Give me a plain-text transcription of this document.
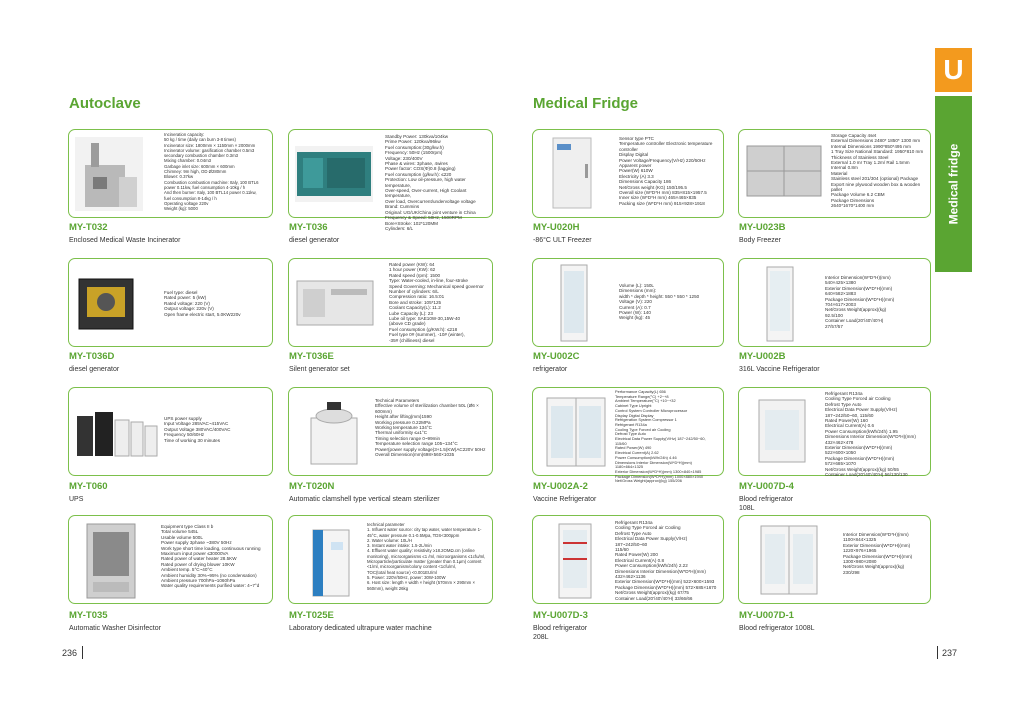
Autoclave	Medical Fridge
U
Medical fridge
Incineration capacity:
50 kg / time (daily can burn 3-8 times)
Incinerator size: 1800mm × 1150mm × 2000mm
Incinerator volume: gasification chamber 0.5m3
secondary combustion chamber 0.3m3
Mixing chamber: 0.04m3
Garbage inlet size: 600mm × 600mm
Chimney: 9m high, OD Ø280mm
Blower: 0.37kw
Combustion combustion machine: Italy, 100 BTL6
power 0.11kw, fuel consumption 4-10kg / h
And then burner: Italy, 100 BTL14 power 0.11kw,
fuel consumption 8-14kg / h
Operating voltage 220v
Weight (kg): 5000
MY-T032
Enclosed Medical Waste Incinerator
Standby Power: 130kva/104kw
Prime Power: 120kva/96kw
Fuel consumption:(30g/kw.h)
Frequency: 50Hz (1500rpm)
Voltage: 230/400V
Phase & wires: 3phase, 4wires
Power factor: COS(Φ)0.8 (lagging)
Fuel consumption (g/kw.h): ≤220
Protection: Low oil-pressure, high water temperature,
Over-speed, Over-current, High Coolant temperature,
Over load, Overcurrent/undervoltage voltage
Brand: Cummins
Original: UG/UK/China joint venture in China
Frequency & Speed: 50Hz, 1500RPM
Bore×Stroke: 102*120MM
Cylinders: 6/L
MY-T036
diesel generator
Sensor type PTC
Temperature controller Electronic temperature
controller
Display Digital
Power Voltage/Frequency(V/Hz) 220/50Hz
Apparent power
Power(W) 610W
Electricity (A) 3.3
Dimensions Capacity 186
Net/Gross weight (KG) 150/195.5
Overall size (W*D*H mm) 835×815×1957.5
Inner size (W*D*H mm) 465×465×835
Packing size (W*D*H mm) 915×928×1918
MY-U020H
-86°C ULT Freezer
Storage Capacity 4set
External Dimensions 2480* 1850* 1300 mm
Internal Dimensions 1990*850*495 mm
1 Tray Size National Standard: 1950*810 mm
Thickness of Stainless Steel
External 1.0 mr Tray 1.2m/ Rail 1.5mm
Internal 0.8m
Material
Stainless steel 201/304 (optional) Package
Export nine plywood wooden box & wooden
pallet
Package Volume 6.2 CBM
Package Dimensions
2640*1670*1400 mm
MY-U023B
Body Freezer
Fuel type: diesel
Rated power: 5 (kW)
Rated voltage: 220 (V)
Output voltage: 220v (V)
Open frame electric start, 5.0KW220v
MY-T036D
diesel generator
Rated power (KW): 64
1 hour power (KW): 62
Rated speed (rpm): 1500
Type: Water-cooled, in-line, four-stroke
Speed Governing: Mechanical speed governor
Number of cylinders: 6/L
Compression ratio: 16.5:01
Bore and stroke: 105*125
Coolant Capacity(L): 11.2
Lube Capacity (L): 23
Lube oil type: SAE10W-30,15W-40
(above CD grade)
Fuel consumption (g/KW.h): ≤218
Fuel type 0# (summer), -10# (winter),
-35# (chilliness) diesel
MY-T036E
Silent generator set
Volume (L): 150L
Dimensions (mm):
width * depth * height: 550 * 550 * 1250
Voltage (V): 220
Current (A): 0.7
Power (W): 140
Weight (kg): 45
MY-U002C
refrigerator
Interior Dimension(W*D*H)(mm)
540×425×1380
Exterior Dimension(W*D*H)(mm)
640×582×1883
Package Dimension(W*D*H)(mm)
704×617×2003
Net/Gross Weight(approx)(kg)
92.5/100
Container Load(20'/40'/40'H)
27/57/57
MY-U002B
316L Vaccine Refrigerator
UPS power supply
Input Voltage 285VAC~415VAC
Output Voltage 380VAC/400VAC
Frequency 50/60Hz
Time of working 30 minutes
MY-T060
UPS
Technical Parameters
Effective volume of sterilization chamber 50L (Ø6 × 600mm)
Height after lifting(mm)1590
Working pressure 0.22MPa
Working temperature 134°C
Thermal uniformity ≤±1°C
Timing selection range 0~99min
Temperature selection range 105~134°C
Power(power supply voltage)3+1.5(KW)AC220V 50Hz
Overall Dimension(mm)698×560×1035
MY-T020N
Automatic clamshell type vertical steam sterilizer
Performance Capacity(L) 656
Temperature Range(°C) +2~+8
Ambient Temperature(°C) +10~+32
Cabinet Type Upright
Control System Controller Microprocessor
Display Digital Display
Refrigeration System Compressor 1
Refrigerant R134a
Cooling Type Forced air Cooling
Defrost Type Auto
Electrical Data Power Supply(V/Hz) 187~242/50~60, 115/60
Rated Power(W) 490
Electrical Current(A) 2.62
Power Consumption(kWh/24h) 4.46
Dimensions Interior Dimension(W*D*H)(mm) 1180×664×1325
Exterior Dimension(W*D*H)(mm) 1300×840×1985
Package Dimension(W*D*H)(mm) 1000×880×1940
Net/Gross Weight(approx)(kg) 155/206
MY-U002A-2
Vaccine Refrigerator
Refrigerant R134a
Cooling Type Forced air Cooling
Defrost Type Auto
Electrical Data Power Supply(V/Hz)
187~242/50~60, 115/60
Rated Power(W) 160
Electrical Current(A) 0.6
Power Consumption(kWh/24h) 1.95
Dimensions Interior Dimension(W*D*H)(mm)
432×462×478
Exterior Dimension(W*D*H)(mm) 522×600×1050
Package Dimension(W*D*H)(mm) 572×685×1070
Net/Gross Weight(approx)(kg) 50/55
Container Load(20'/40'/40'H) 56/130/130
MY-U007D-4
Blood refrigerator
108L
Equipment type Class II b
Total volume 545L
Usable volume 500L
Power supply 3phase ~380V 50Hz
Work type short time loading, continuous running
Maximum input power ≤30000VA
Rated power of water heater 28.5KW
Rated power of drying blower 10KW
Ambient temp. 5°C~40°C
Ambient humidity 30%~95% (no condensation)
Ambient pressure 700hPa~1060hPa
Water quality requirements purified water: 4~7°d
MY-T035
Automatic Washer Disinfector
technical parameter
1. Influent water source: city tap water, water temperature 1-45°C, water pressure 0.1-0.5Mpa, TDS<300ppm
2. Water volume: 10L/H
3. Instant water intake: 1.5-2L/min
4. Effluent water quality: resistivity ≥18.2OMΩ.cm (online monitoring), microorganisms ≤1 /ml, microorganisms ≤1cfu/ml,
Microparticle/particulate matter (greater than 0.1μm) content <1/ml, microorganism/colony content <1cfu/ml,
TOC(total heat source) <0.001EU/ml
5. Power: 220V/50Hz, power: 30W-100W
6. Host size: length × width × height (570mm × 290mm × 560mm), weight 26kg
MY-T025E
Laboratory dedicated ultrapure water machine
Refrigerant R134a
Cooling Type Forced air Cooling
Defrost Type Auto
Electrical Data Power Supply(V/Hz) 187~242/50~60
115/60
Rated Power(W) 200
Electrical Current(A) 0.8
Power Consumption(kWh/24h) 2.22
Dimensions Interior Dimension(W*D*H)(mm)
432×462×1136
Exterior Dimension(W*D*H)(mm) 522×600×1593
Package Dimension(W*D*H)(mm) 572×685×1670
Net/Gross Weight(approx)(kg) 67/75
Container Load(20'/40'/40'H) 33/66/66
MY-U007D-3
Blood refrigerator
208L
Interior Dimension(W*D*H)(mm)
1100×844×1325
Exterior Dimension(W*D*H)(mm)
1220×976×1965
Package Dimension(W*D*H)(mm)
1300×980×2080
Net/Gross Weight(approx)(kg)
230/298
MY-U007D-1
Blood refrigerator 1008L
236	237
